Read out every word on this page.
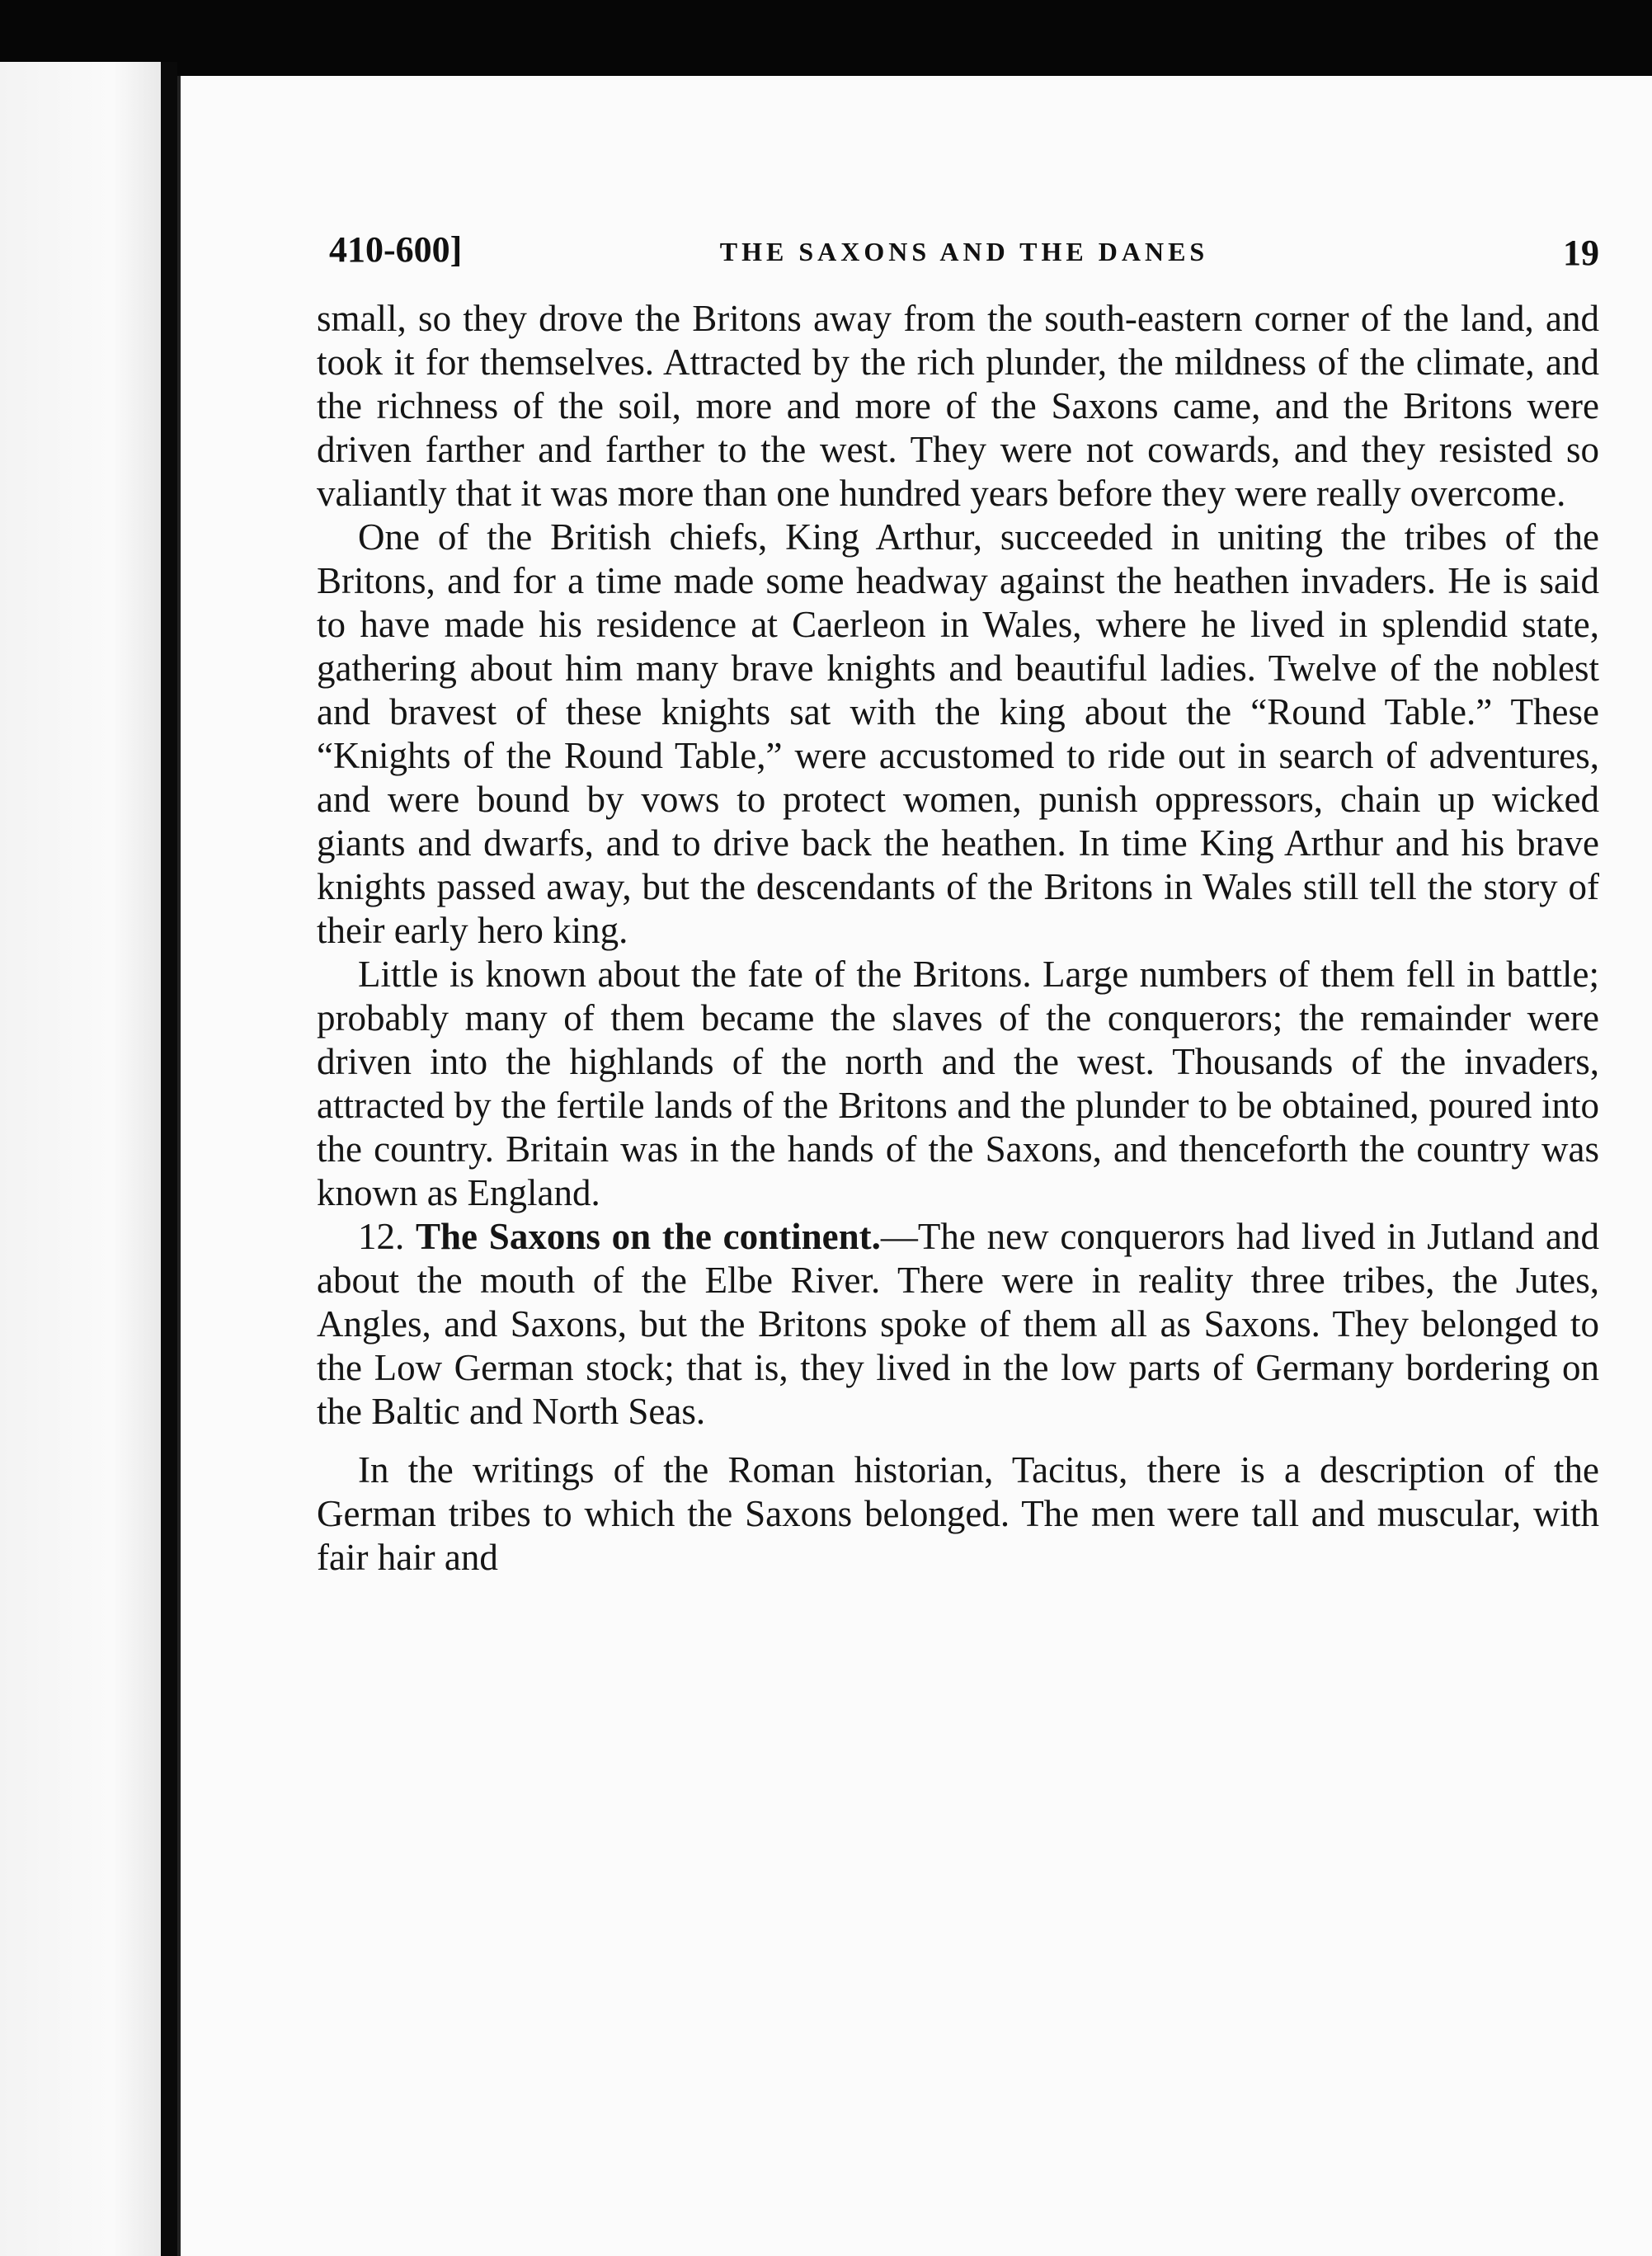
410-600]	THE SAXONS AND THE DANES	19

small, so they drove the Britons away from the south-eastern corner of the land, and took it for themselves. Attracted by the rich plunder, the mildness of the climate, and the richness of the soil, more and more of the Saxons came, and the Britons were driven farther and farther to the west. They were not cowards, and they resisted so valiantly that it was more than one hundred years before they were really overcome.

One of the British chiefs, King Arthur, succeeded in uniting the tribes of the Britons, and for a time made some headway against the heathen invaders. He is said to have made his residence at Caerleon in Wales, where he lived in splendid state, gathering about him many brave knights and beautiful ladies. Twelve of the noblest and bravest of these knights sat with the king about the “Round Table.” These “Knights of the Round Table,” were accustomed to ride out in search of adventures, and were bound by vows to protect women, punish oppressors, chain up wicked giants and dwarfs, and to drive back the heathen. In time King Arthur and his brave knights passed away, but the descendants of the Britons in Wales still tell the story of their early hero king.

Little is known about the fate of the Britons. Large numbers of them fell in battle; probably many of them became the slaves of the conquerors; the remainder were driven into the highlands of the north and the west. Thousands of the invaders, attracted by the fertile lands of the Britons and the plunder to be obtained, poured into the country. Britain was in the hands of the Saxons, and thenceforth the country was known as England.

12. The Saxons on the continent.—The new conquerors had lived in Jutland and about the mouth of the Elbe River. There were in reality three tribes, the Jutes, Angles, and Saxons, but the Britons spoke of them all as Saxons. They belonged to the Low German stock; that is, they lived in the low parts of Germany bordering on the Baltic and North Seas.

In the writings of the Roman historian, Tacitus, there is a description of the German tribes to which the Saxons belonged. The men were tall and muscular, with fair hair and
